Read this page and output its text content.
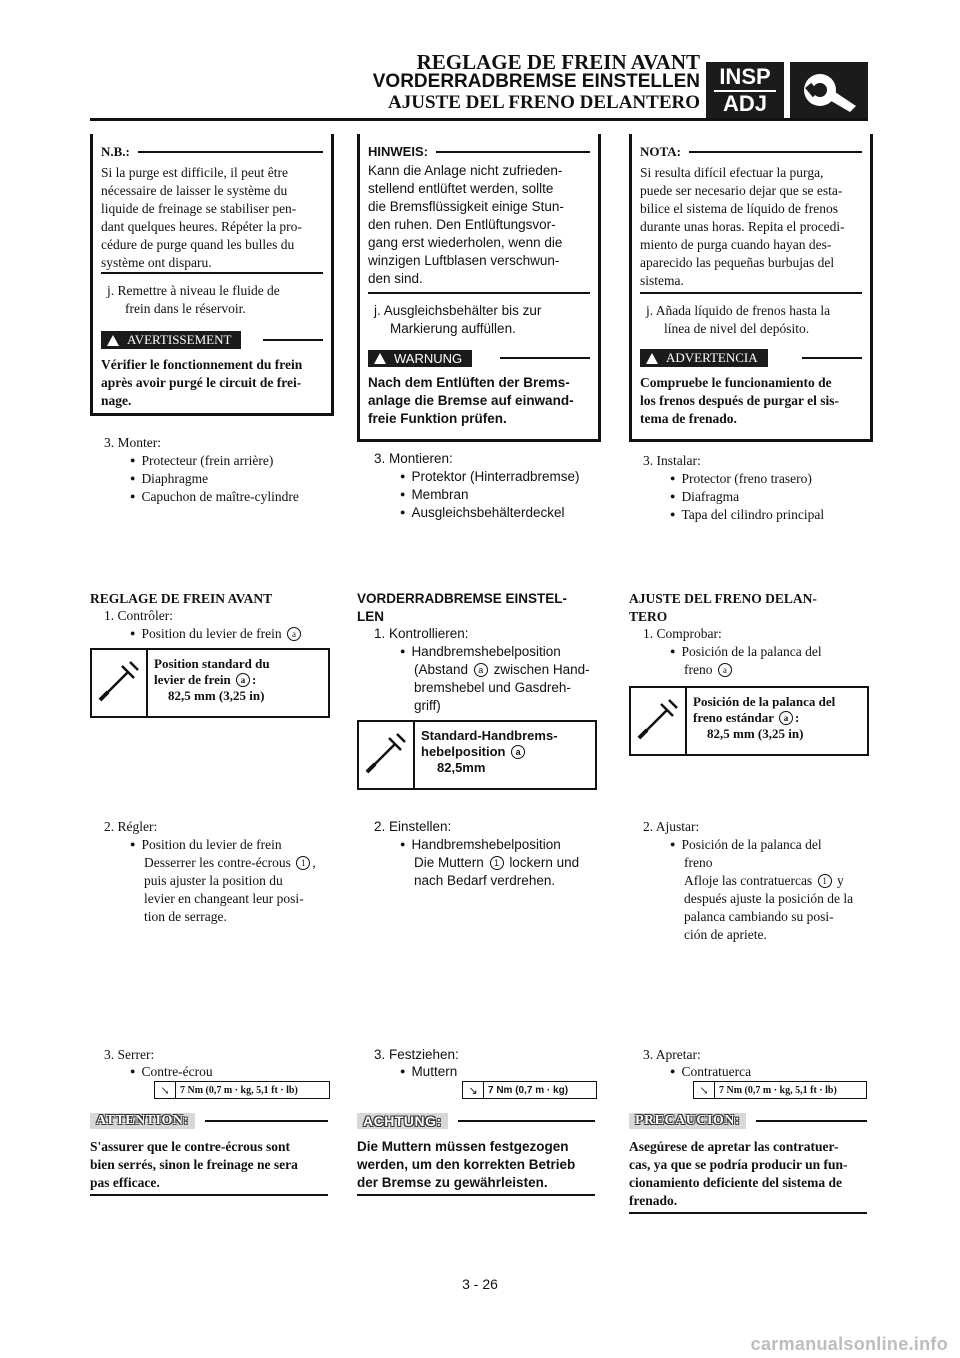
REGLAGE DE FREIN AVANT
VORDERRADBREMSE EINSTELLEN
AJUSTE DEL FRENO DELANTERO
INSP
ADJ
N.B.:
Si la purge est difficile, il peut être
nécessaire de laisser le système du
liquide de freinage se stabiliser pen-
dant quelques heures. Répéter la pro-
cédure de purge quand les bulles du
système ont disparu.
j. Remettre à niveau le fluide de
frein dans le réservoir.
AVERTISSEMENT
Vérifier le fonctionnement du frein
après avoir purgé le circuit de frei-
nage.
3. Monter:
● Protecteur (frein arrière)
● Diaphragme
● Capuchon de maître-cylindre
REGLAGE DE FREIN AVANT
1. Contrôler:
● Position du levier de frein a
Position standard du
levier de frein a :
82,5 mm (3,25 in)
2. Régler:
● Position du levier de frein
Desserrer les contre-écrous 1 ,
puis ajuster la position du
levier en changeant leur posi-
tion de serrage.
3. Serrer:
● Contre-écrou
↘	7 Nm (0,7 m · kg, 5,1 ft · lb)
ATTENTION:
S'assurer que le contre-écrous sont
bien serrés, sinon le freinage ne sera
pas efficace.
HINWEIS:
Kann die Anlage nicht zufrieden-
stellend entlüftet werden, sollte
die Bremsflüssigkeit einige Stun-
den ruhen. Den Entlüftungsvor-
gang erst wiederholen, wenn die
winzigen Luftblasen verschwun-
den sind.
j. Ausgleichsbehälter bis zur
Markierung auffüllen.
WARNUNG
Nach dem Entlüften der Brems-
anlage die Bremse auf einwand-
freie Funktion prüfen.
3. Montieren:
● Protektor (Hinterradbremse)
● Membran
● Ausgleichsbehälterdeckel
VORDERRADBREMSE EINSTEL-
LEN
1. Kontrollieren:
● Handbremshebelposition
(Abstand a zwischen Hand-
bremshebel und Gasdreh-
griff)
Standard-Handbrems-
hebelposition a
82,5mm
2. Einstellen:
● Handbremshebelposition
Die Muttern 1 lockern und
nach Bedarf verdrehen.
3. Festziehen:
● Muttern
↘	7 Nm (0,7 m · kg)
ACHTUNG:
Die Muttern müssen festgezogen
werden, um den korrekten Betrieb
der Bremse zu gewährleisten.
NOTA:
Si resulta difícil efectuar la purga,
puede ser necesario dejar que se esta-
bilice el sistema de líquido de frenos
durante unas horas. Repita el procedi-
miento de purga cuando hayan des-
aparecido las pequeñas burbujas del
sistema.
j. Añada líquido de frenos hasta la
línea de nivel del depósito.
ADVERTENCIA
Compruebe le funcionamiento de
los frenos después de purgar el sis-
tema de frenado.
3. Instalar:
● Protector (freno trasero)
● Diafragma
● Tapa del cilindro principal
AJUSTE DEL FRENO DELAN-
TERO
1. Comprobar:
● Posición de la palanca del
freno a
Posición de la palanca del
freno estándar a :
82,5 mm (3,25 in)
2. Ajustar:
● Posición de la palanca del
freno
Afloje las contratuercas 1 y
después ajuste la posición de la
palanca cambiando su posi-
ción de apriete.
3. Apretar:
● Contratuerca
↘	7 Nm (0,7 m · kg, 5,1 ft · lb)
PRECAUCION:
Asegúrese de apretar las contratuer-
cas, ya que se podría producir un fun-
cionamiento deficiente del sistema de
frenado.
3 - 26
carmanualsonline.info
